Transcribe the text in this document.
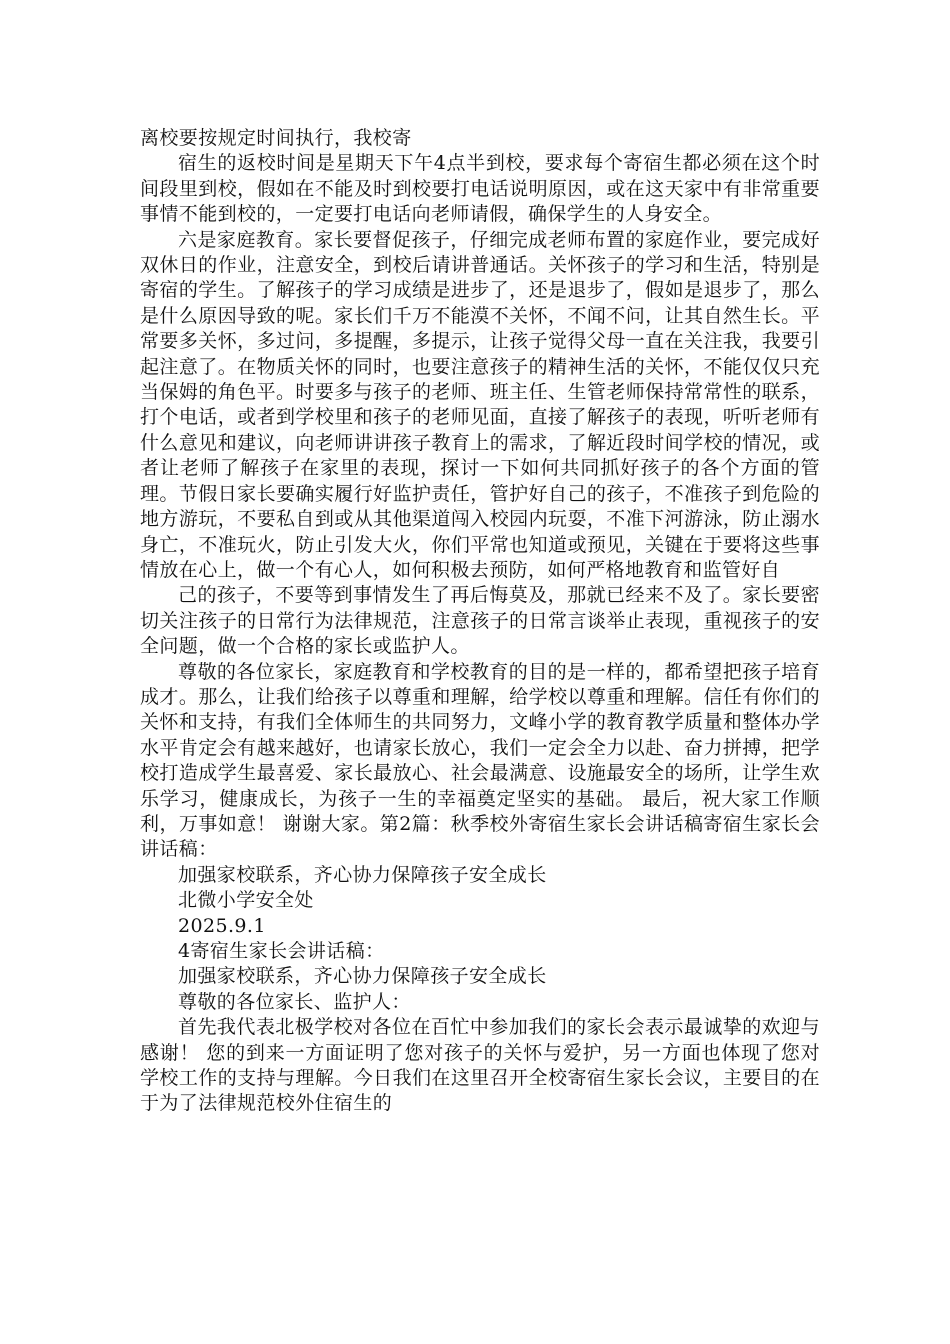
离校要按规定时间执行，我校寄

宿生的返校时间是星期天下午4点半到校，要求每个寄宿生都必须在这个时间段里到校，假如在不能及时到校要打电话说明原因，或在这天家中有非常重要事情不能到校的，一定要打电话向老师请假，确保学生的人身安全。

六是家庭教育。家长要督促孩子，仔细完成老师布置的家庭作业，要完成好双休日的作业，注意安全，到校后请讲普通话。关怀孩子的学习和生活，特别是寄宿的学生。了解孩子的学习成绩是进步了，还是退步了，假如是退步了，那么是什么原因导致的呢。家长们千万不能漠不关怀，不闻不问，让其自然生长。平常要多关怀，多过问，多提醒，多提示，让孩子觉得父母一直在关注我，我要引起注意了。在物质关怀的同时，也要注意孩子的精神生活的关怀，不能仅仅只充当保姆的角色平。时要多与孩子的老师、班主任、生管老师保持常常性的联系，打个电话，或者到学校里和孩子的老师见面，直接了解孩子的表现，听听老师有什么意见和建议，向老师讲讲孩子教育上的需求，了解近段时间学校的情况，或者让老师了解孩子在家里的表现，探讨一下如何共同抓好孩子的各个方面的管理。节假日家长要确实履行好监护责任，管护好自己的孩子，不准孩子到危险的地方游玩，不要私自到或从其他渠道闯入校园内玩耍，不准下河游泳，防止溺水身亡，不准玩火，防止引发大火，你们平常也知道或预见，关键在于要将这些事情放在心上，做一个有心人，如何积极去预防，如何严格地教育和监管好自

己的孩子，不要等到事情发生了再后悔莫及，那就已经来不及了。家长要密切关注孩子的日常行为法律规范，注意孩子的日常言谈举止表现，重视孩子的安全问题，做一个合格的家长或监护人。

尊敬的各位家长，家庭教育和学校教育的目的是一样的，都希望把孩子培育成才。那么，让我们给孩子以尊重和理解，给学校以尊重和理解。信任有你们的关怀和支持，有我们全体师生的共同努力，文峰小学的教育教学质量和整体办学水平肯定会有越来越好，也请家长放心，我们一定会全力以赴、奋力拼搏，把学校打造成学生最喜爱、家长最放心、社会最满意、设施最安全的场所，让学生欢乐学习，健康成长，为孩子一生的幸福奠定坚实的基础。 最后，祝大家工作顺利，万事如意！ 谢谢大家。第2篇：秋季校外寄宿生家长会讲话稿寄宿生家长会讲话稿：

加强家校联系，齐心协力保障孩子安全成长

北微小学安全处

2025.9.1

4寄宿生家长会讲话稿：

加强家校联系，齐心协力保障孩子安全成长

尊敬的各位家长、监护人：

首先我代表北极学校对各位在百忙中参加我们的家长会表示最诚挚的欢迎与感谢！ 您的到来一方面证明了您对孩子的关怀与爱护，另一方面也体现了您对学校工作的支持与理解。今日我们在这里召开全校寄宿生家长会议，主要目的在于为了法律规范校外住宿生的
